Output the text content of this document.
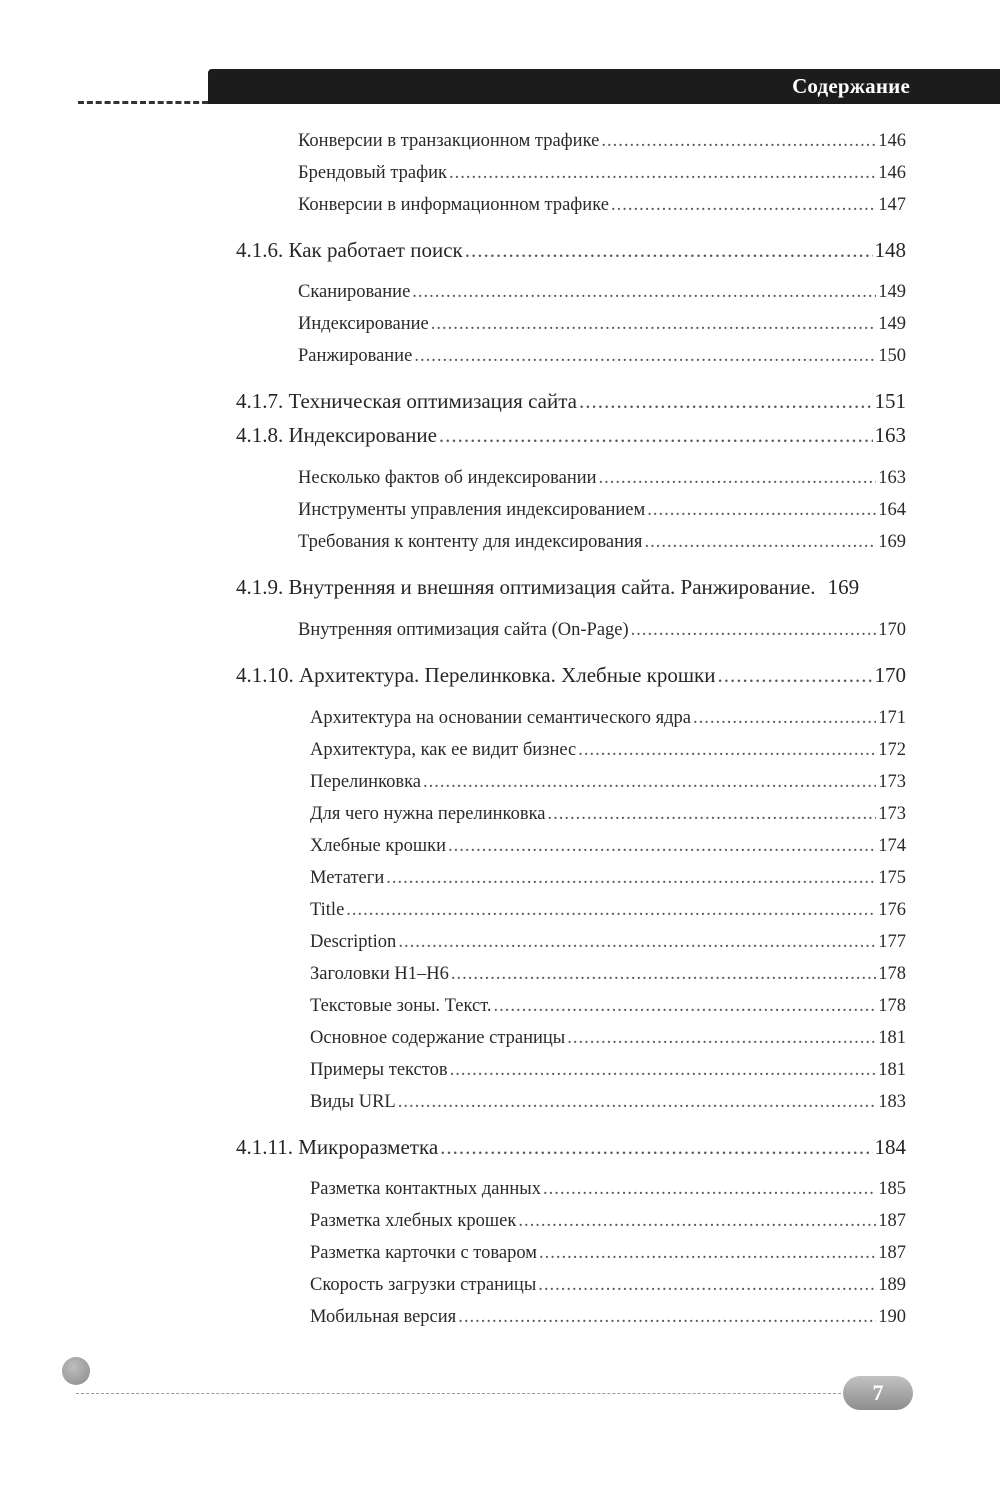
Содержание
Конверсии в транзакционном трафике .....	146
Брендовый трафик .....	146
Конверсии в информационном трафике .....	147
4.1.6. Как работает поиск .....	148
Сканирование .....	149
Индексирование .....	149
Ранжирование .....	150
4.1.7. Техническая оптимизация сайта .....	151
4.1.8. Индексирование .....	163
Несколько фактов об индексировании .....	163
Инструменты управления индексированием .....	164
Требования к контенту для индексирования .....	169
4.1.9. Внутренняя и внешняя оптимизация сайта. Ранжирование. 169
Внутренняя оптимизация сайта (On-Page) .....	170
4.1.10. Архитектура. Перелинковка. Хлебные крошки .....	170
Архитектура на основании семантического ядра .....	171
Архитектура, как ее видит бизнес .....	172
Перелинковка .....	173
Для чего нужна перелинковка .....	173
Хлебные крошки .....	174
Метатеги .....	175
Title .....	176
Description .....	177
Заголовки H1–H6 .....	178
Текстовые зоны. Текст. .....	178
Основное содержание страницы .....	181
Примеры текстов .....	181
Виды URL .....	183
4.1.11. Микроразметка .....	184
Разметка контактных данных .....	185
Разметка хлебных крошек .....	187
Разметка карточки с товаром .....	187
Скорость загрузки страницы .....	189
Мобильная версия .....	190
7
